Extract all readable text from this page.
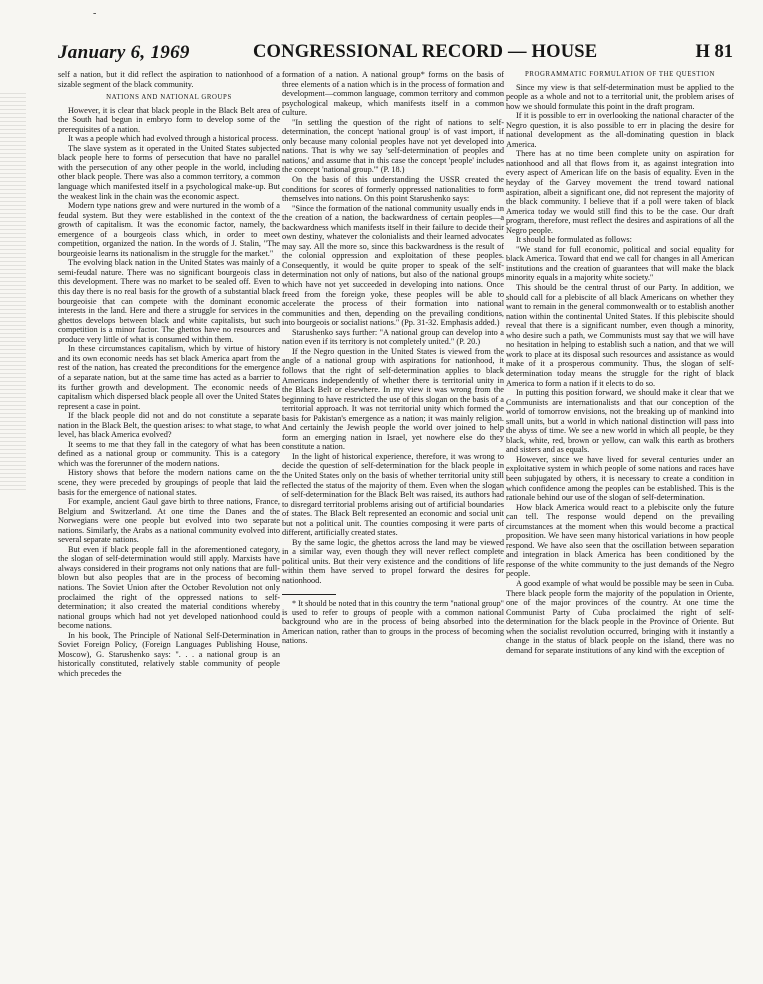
-
January 6, 1969	CONGRESSIONAL RECORD — HOUSE	H 81

self a nation, but it did reflect the aspiration to nationhood of a sizable segment of the black community.

NATIONS AND NATIONAL GROUPS

However, it is clear that black people in the Black Belt area of the South had begun in embryo form to develop some of the prerequisites of a nation.

It was a people which had evolved through a historical process.

The slave system as it operated in the United States subjected black people here to forms of persecution that have no parallel with the persecution of any other people in the world, including other black people. There was also a common territory, a common language which manifested itself in a psychological make-up. But the weakest link in the chain was the economic aspect.

Modern type nations grew and were nurtured in the womb of a feudal system. But they were established in the context of the growth of capitalism. It was the economic factor, namely, the emergence of a bourgeois class which, in order to meet competition, organized the nation. In the words of J. Stalin, "The bourgeoisie learns its nationalism in the struggle for the market."

The evolving black nation in the United States was mainly of a semi-feudal nature. There was no significant bourgeois class in this development. There was no market to be sealed off. Even to this day there is no real basis for the growth of a substantial black bourgeoisie that can compete with the dominant economic interests in the land. Here and there a struggle for services in the ghettos develops between black and white capitalists, but such competition is a minor factor. The ghettos have no resources and produce very little of what is consumed within them.

In these circumstances capitalism, which by virtue of history and its own economic needs has set black America apart from the rest of the nation, has created the preconditions for the emergence of a separate nation, but at the same time has acted as a barrier to its further growth and development. The economic needs of capitalism which dispersed black people all over the United States represent a case in point.

If the black people did not and do not constitute a separate nation in the Black Belt, the question arises: to what stage, to what level, has black America evolved?

It seems to me that they fall in the category of what has been defined as a national group or community. This is a category which was the forerunner of the modern nations.

History shows that before the modern nations came on the scene, they were preceded by groupings of people that laid the basis for the emergence of national states.

For example, ancient Gaul gave birth to three nations, France, Belgium and Switzerland. At one time the Danes and the Norwegians were one people but evolved into two separate nations. Similarly, the Arabs as a national community evolved into several separate nations.

But even if black people fall in the aforementioned category, the slogan of self-determination would still apply. Marxists have always considered in their programs not only nations that are full-blown but also peoples that are in the process of becoming nations. The Soviet Union after the October Revolution not only proclaimed the right of the oppressed nations to self-determination; it also created the material conditions whereby national groups which had not yet developed nationhood could become nations.

In his book, The Principle of National Self-Determination in Soviet Foreign Policy, (Foreign Languages Publishing House, Moscow), G. Starushenko says: ". . . a national group is an historically constituted, relatively stable community of people which precedes the

formation of a nation. A national group* forms on the basis of three elements of a nation which is in the process of formation and development—common language, common territory and common psychological makeup, which manifests itself in a common culture.

"In settling the question of the right of nations to self-determination, the concept 'national group' is of vast import, if only because many colonial peoples have not yet developed into nations. That is why we say 'self-determination of peoples and nations,' and assume that in this case the concept 'people' includes the concept 'national group.'" (P. 18.)

On the basis of this understanding the USSR created the conditions for scores of formerly oppressed nationalities to form themselves into nations. On this point Starushenko says:

"Since the formation of the national community usually ends in the creation of a nation, the backwardness of certain peoples—a backwardness which manifests itself in their failure to decide their own destiny, whatever the colonialists and their learned advocates may say. All the more so, since this backwardness is the result of the colonial oppression and exploitation of these peoples. Consequently, it would be quite proper to speak of the self-determination not only of nations, but also of the national groups which have not yet succeeded in developing into nations. Once freed from the foreign yoke, these peoples will be able to accelerate the process of their formation into national communities and then, depending on the prevailing conditions, into bourgeois or socialist nations." (Pp. 31-32. Emphasis added.)

Starushenko says further: "A national group can develop into a nation even if its territory is not completely united." (P. 20.)

If the Negro question in the United States is viewed from the angle of a national group with aspirations for nationhood, it follows that the right of self-determination applies to black Americans independently of whether there is territorial unity in the Black Belt or elsewhere. In my view it was wrong from the beginning to have restricted the use of this slogan on the basis of a territorial approach. It was not territorial unity which formed the basis for Pakistan's emergence as a nation; it was mainly religion. And certainly the Jewish people the world over joined to help form an emerging nation in Israel, yet nowhere else do they constitute a nation.

In the light of historical experience, therefore, it was wrong to decide the question of self-determination for the black people in the United States only on the basis of whether territorial unity still reflected the status of the majority of them. Even when the slogan of self-determination for the Black Belt was raised, its authors had to disregard territorial problems arising out of artificial boundaries of states. The Black Belt represented an economic and social unit but not a political unit. The counties composing it were parts of different, artificially created states.

By the same logic, the ghettos across the land may be viewed in a similar way, even though they will never reflect complete political units. But their very existence and the conditions of life within them have served to propel forward the desires for nationhood.

* It should be noted that in this country the term "national group" is used to refer to groups of people with a common national background who are in the process of being absorbed into the American nation, rather than to groups in the process of becoming nations.

PROGRAMMATIC FORMULATION OF THE QUESTION

Since my view is that self-determination must be applied to the people as a whole and not to a territorial unit, the problem arises of how we should formulate this point in the draft program.

If it is possible to err in overlooking the national character of the Negro question, it is also possible to err in placing the desire for national development as the all-dominating question in black America.

There has at no time been complete unity on aspiration for nationhood and all that flows from it, as against integration into every aspect of American life on the basis of equality. Even in the heyday of the Garvey movement the trend toward national aspiration, albeit a significant one, did not represent the majority of the black community. I believe that if a poll were taken of black America today we would still find this to be the case. Our draft program, therefore, must reflect the desires and aspirations of all the Negro people.

It should be formulated as follows:

"We stand for full economic, political and social equality for black America. Toward that end we call for changes in all American institutions and the creation of guarantees that will make the black minority equals in a majority white society."

This should be the central thrust of our Party. In addition, we should call for a plebiscite of all black Americans on whether they want to remain in the general commonwealth or to establish another nation within the continental United States. If this plebiscite should reveal that there is a significant number, even though a minority, who desire such a path, we Communists must say that we will have no hesitation in helping to establish such a nation, and that we will work to place at its disposal such resources and assistance as would make of it a prosperous community. Thus, the slogan of self-determination today means the struggle for the right of black America to form a nation if it elects to do so.

In putting this position forward, we should make it clear that we Communists are internationalists and that our conception of the world of tomorrow envisions, not the breaking up of mankind into small units, but a world in which national distinction will pass into the abyss of time. We see a new world in which all people, be they black, white, red, brown or yellow, can walk this earth as brothers and sisters and as equals.

However, since we have lived for several centuries under an exploitative system in which people of some nations and races have been subjugated by others, it is necessary to create a condition in which confidence among the peoples can be established. This is the rationale behind our use of the slogan of self-determination.

How black America would react to a plebiscite only the future can tell. The response would depend on the prevailing circumstances at the moment when this would become a practical proposition. We have seen many historical variations in how people respond. We have also seen that the oscillation between separation and integration in black America has been conditioned by the response of the white community to the just demands of the Negro people.

A good example of what would be possible may be seen in Cuba. There black people form the majority of the population in Oriente, one of the major provinces of the country. At one time the Communist Party of Cuba proclaimed the right of self-determination for the black people in the Province of Oriente. But when the socialist revolution occurred, bringing with it instantly a change in the status of black people on the island, there was no demand for separate institutions of any kind with the exception of
